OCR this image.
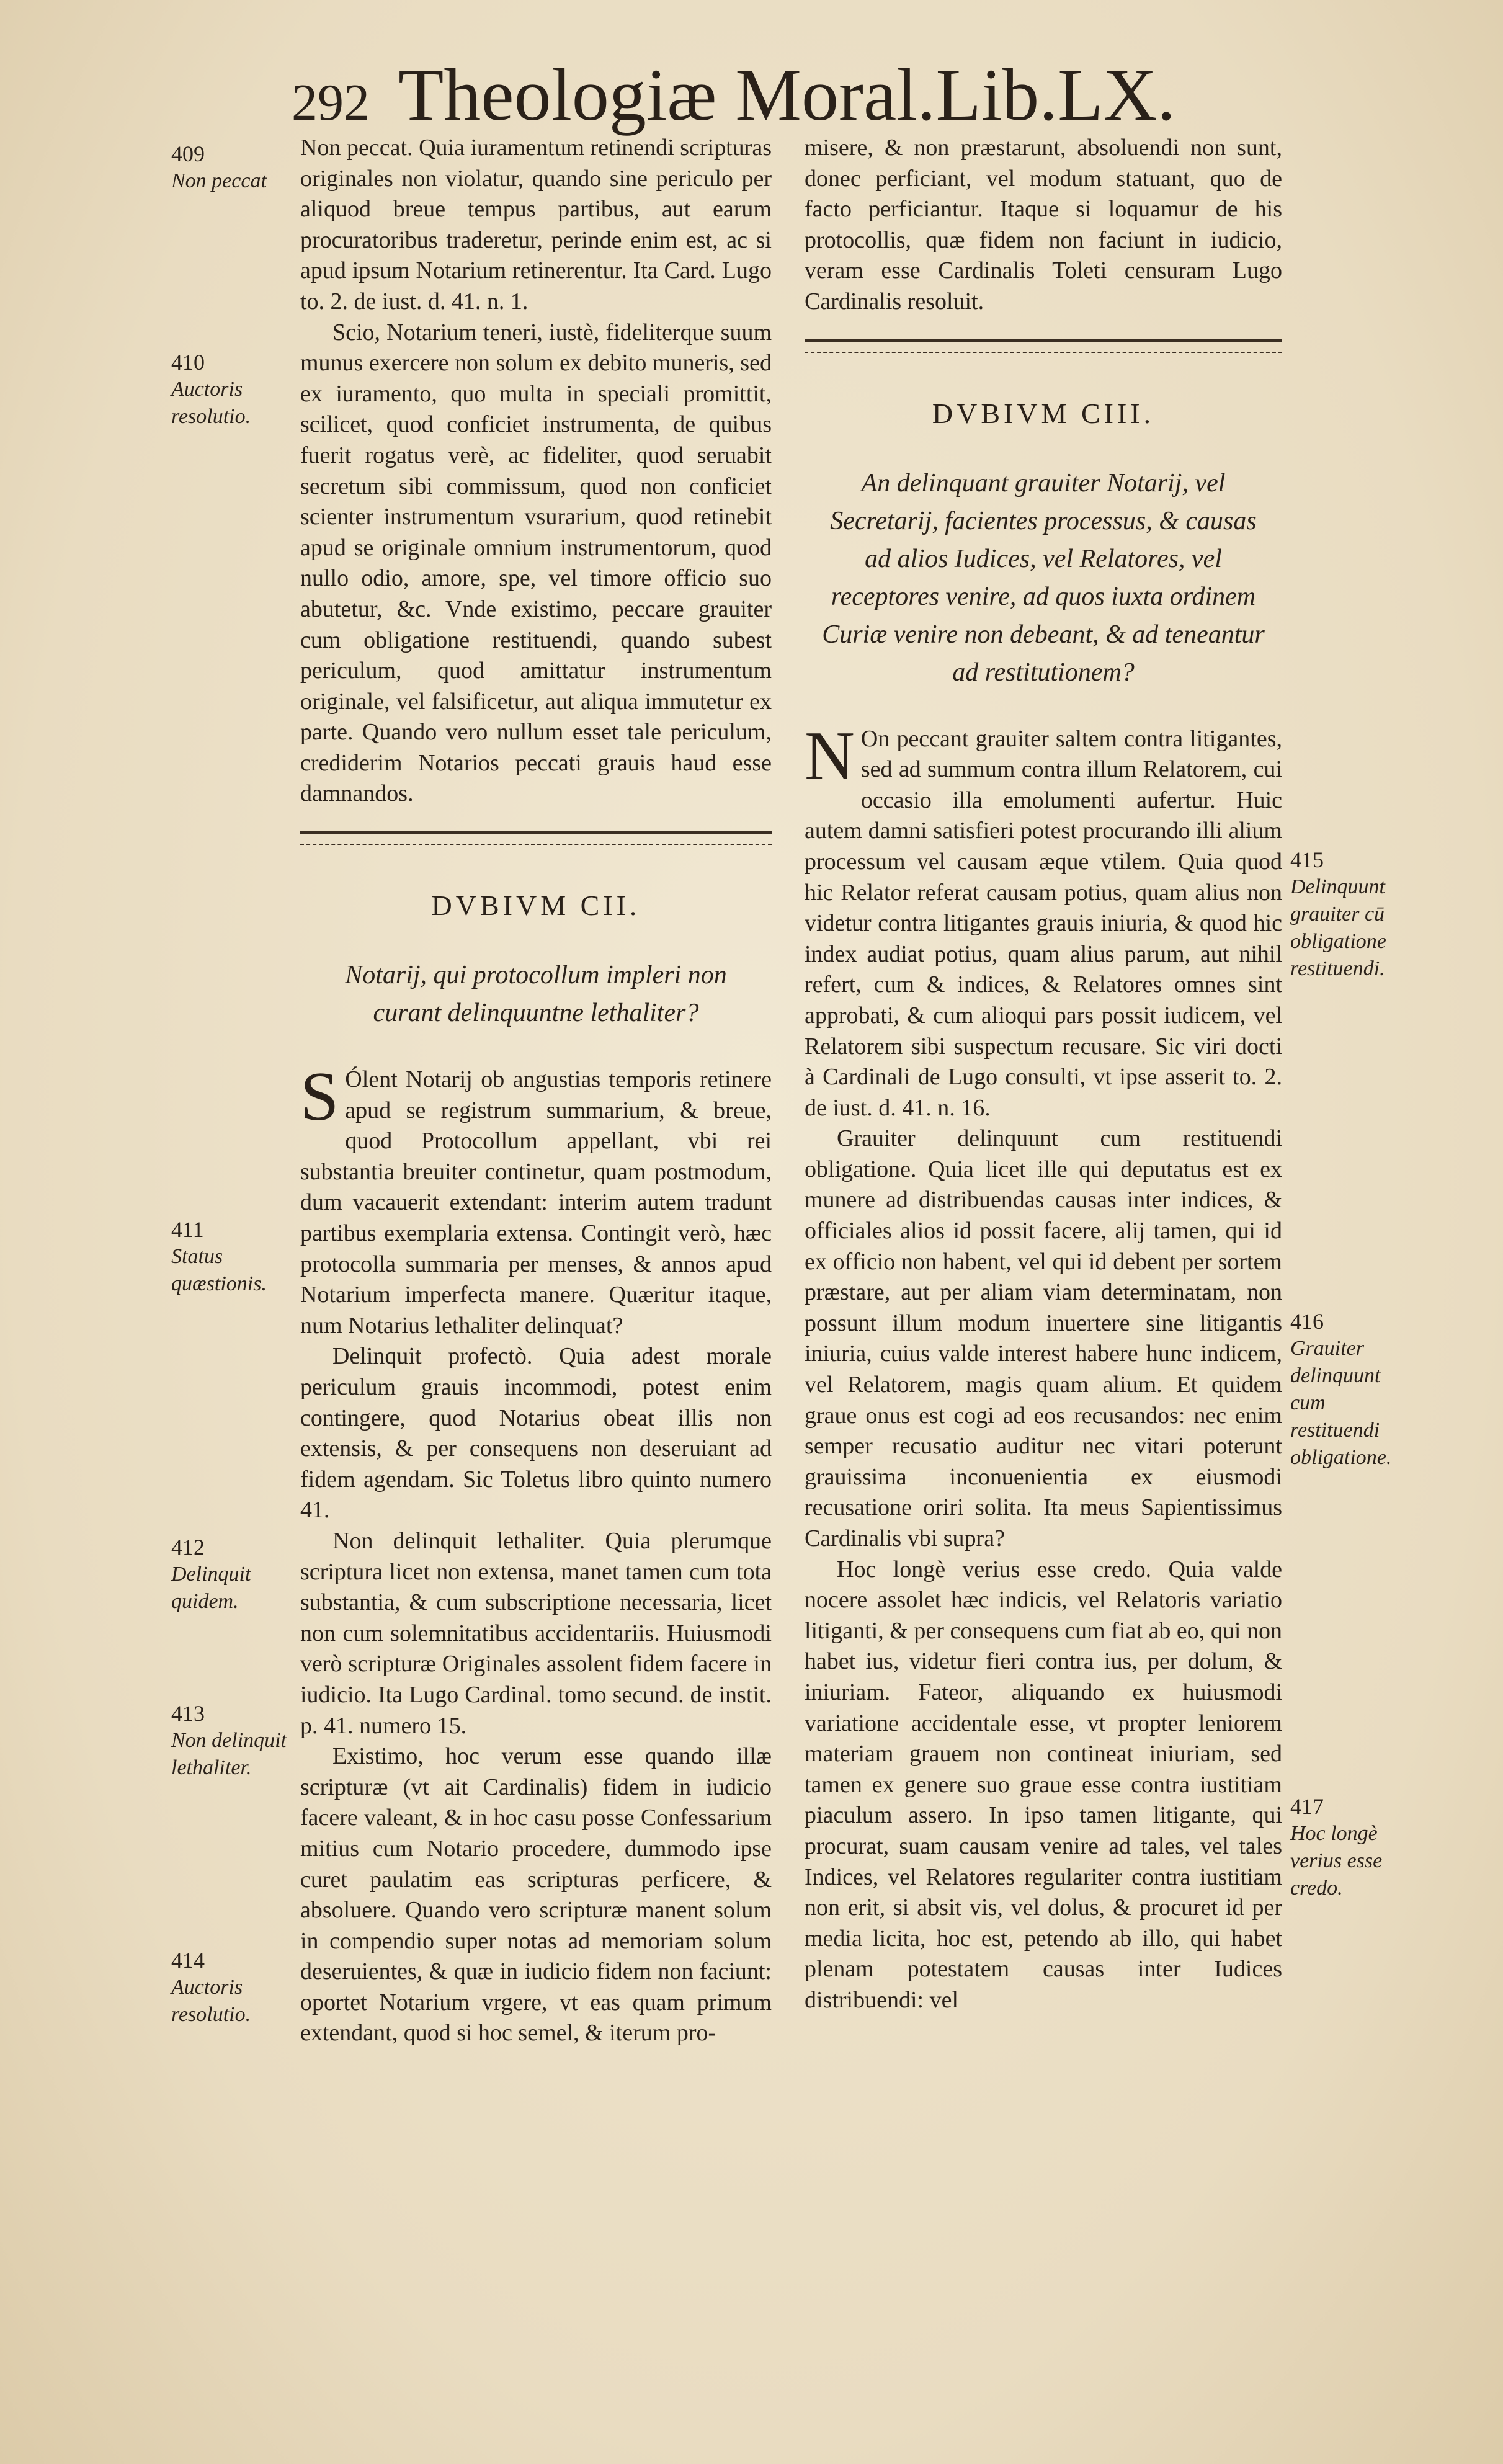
292 Theologiæ Moral.Lib.LX.

Non peccat. Quia iuramentum retinendi scripturas originales non violatur, quando sine periculo per aliquod breue tempus partibus, aut earum procuratoribus traderetur, perinde enim est, ac si apud ipsum Notarium retinerentur. Ita Card. Lugo to. 2. de iust. d. 41. n. 1.

Scio, Notarium teneri, iustè, fideliterque suum munus exercere non solum ex debito muneris, sed ex iuramento, quo multa in speciali promittit, scilicet, quod conficiet instrumenta, de quibus fuerit rogatus verè, ac fideliter, quod seruabit secretum sibi commissum, quod non conficiet scienter instrumentum vsurarium, quod retinebit apud se originale omnium instrumentorum, quod nullo odio, amore, spe, vel timore officio suo abutetur, &c. Vnde existimo, peccare grauiter cum obligatione restituendi, quando subest periculum, quod amittatur instrumentum originale, vel falsificetur, aut aliqua immutetur ex parte. Quando vero nullum esset tale periculum, crediderim Notarios peccati grauis haud esse damnandos.

DVBIVM CII.
Notarij, qui protocollum impleri non curant delinquuntne lethaliter?

S Ólent Notarij ob angustias temporis retinere apud se registrum summarium, & breue, quod Protocollum appellant, vbi rei substantia breuiter continetur, quam postmodum, dum vacauerit extendant: interim autem tradunt partibus exemplaria extensa. Contingit verò, hæc protocolla summaria per menses, & annos apud Notarium imperfecta manere. Quæritur itaque, num Notarius lethaliter delinquat?

Delinquit profectò. Quia adest morale periculum grauis incommodi, potest enim contingere, quod Notarius obeat illis non extensis, & per consequens non deseruiant ad fidem agendam. Sic Toletus libro quinto numero 41.

Non delinquit lethaliter. Quia plerumque scriptura licet non extensa, manet tamen cum tota substantia, & cum subscriptione necessaria, licet non cum solemnitatibus accidentariis. Huiusmodi verò scripturæ Originales assolent fidem facere in iudicio. Ita Lugo Cardinal. tomo secund. de instit. p. 41. numero 15.

Existimo, hoc verum esse quando illæ scripturæ (vt ait Cardinalis) fidem in iudicio facere valeant, & in hoc casu posse Confessarium mitius cum Notario procedere, dummodo ipse curet paulatim eas scripturas perficere, & absoluere. Quando vero scripturæ manent solum in compendio super notas ad memoriam solum deseruientes, & quæ in iudicio fidem non faciunt: oportet Notarium vrgere, vt eas quam primum extendant, quod si hoc semel, & iterum pro-

misere, & non præstarunt, absoluendi non sunt, donec perficiant, vel modum statuant, quo de facto perficiantur. Itaque si loquamur de his protocollis, quæ fidem non faciunt in iudicio, veram esse Cardinalis Toleti censuram Lugo Cardinalis resoluit.

DVBIVM CIII.
An delinquant grauiter Notarij, vel Secretarij, facientes processus, & causas ad alios Iudices, vel Relatores, vel receptores venire, ad quos iuxta ordinem Curiæ venire non debeant, & ad teneantur ad restitutionem?

N On peccant grauiter saltem contra litigantes, sed ad summum contra illum Relatorem, cui occasio illa emolumenti aufertur. Huic autem damni satisfieri potest procurando illi alium processum vel causam æque vtilem. Quia quod hic Relator referat causam potius, quam alius non videtur contra litigantes grauis iniuria, & quod hic index audiat potius, quam alius parum, aut nihil refert, cum & indices, & Relatores omnes sint approbati, & cum alioqui pars possit iudicem, vel Relatorem sibi suspectum recusare. Sic viri docti à Cardinali de Lugo consulti, vt ipse asserit to. 2. de iust. d. 41. n. 16.

Grauiter delinquunt cum restituendi obligatione. Quia licet ille qui deputatus est ex munere ad distribuendas causas inter indices, & officiales alios id possit facere, alij tamen, qui id ex officio non habent, vel qui id debent per sortem præstare, aut per aliam viam determinatam, non possunt illum modum inuertere sine litigantis iniuria, cuius valde interest habere hunc indicem, vel Relatorem, magis quam alium. Et quidem graue onus est cogi ad eos recusandos: nec enim semper recusatio auditur nec vitari poterunt grauissima inconuenientia ex eiusmodi recusatione oriri solita. Ita meus Sapientissimus Cardinalis vbi supra?

Hoc longè verius esse credo. Quia valde nocere assolet hæc indicis, vel Relatoris variatio litiganti, & per consequens cum fiat ab eo, qui non habet ius, videtur fieri contra ius, per dolum, & iniuriam. Fateor, aliquando ex huiusmodi variatione accidentale esse, vt propter leniorem materiam grauem non contineat iniuriam, sed tamen ex genere suo graue esse contra iustitiam piaculum assero. In ipso tamen litigante, qui procurat, suam causam venire ad tales, vel tales Indices, vel Relatores regulariter contra iustitiam non erit, si absit vis, vel dolus, & procuret id per media licita, hoc est, petendo ab illo, qui habet plenam potestatem causas inter Iudices distribuendi: vel

409
Non peccat
410
Auctoris resolutio.
411
Status quæstionis.
412
Delinquit quidem.
413
Non delinquit lethaliter.
414
Auctoris resolutio.
415
Delinquunt grauiter cū obligatione restituendi.
416
Grauiter delinquunt cum restituendi obligatione.
417
Hoc longè verius esse credo.
